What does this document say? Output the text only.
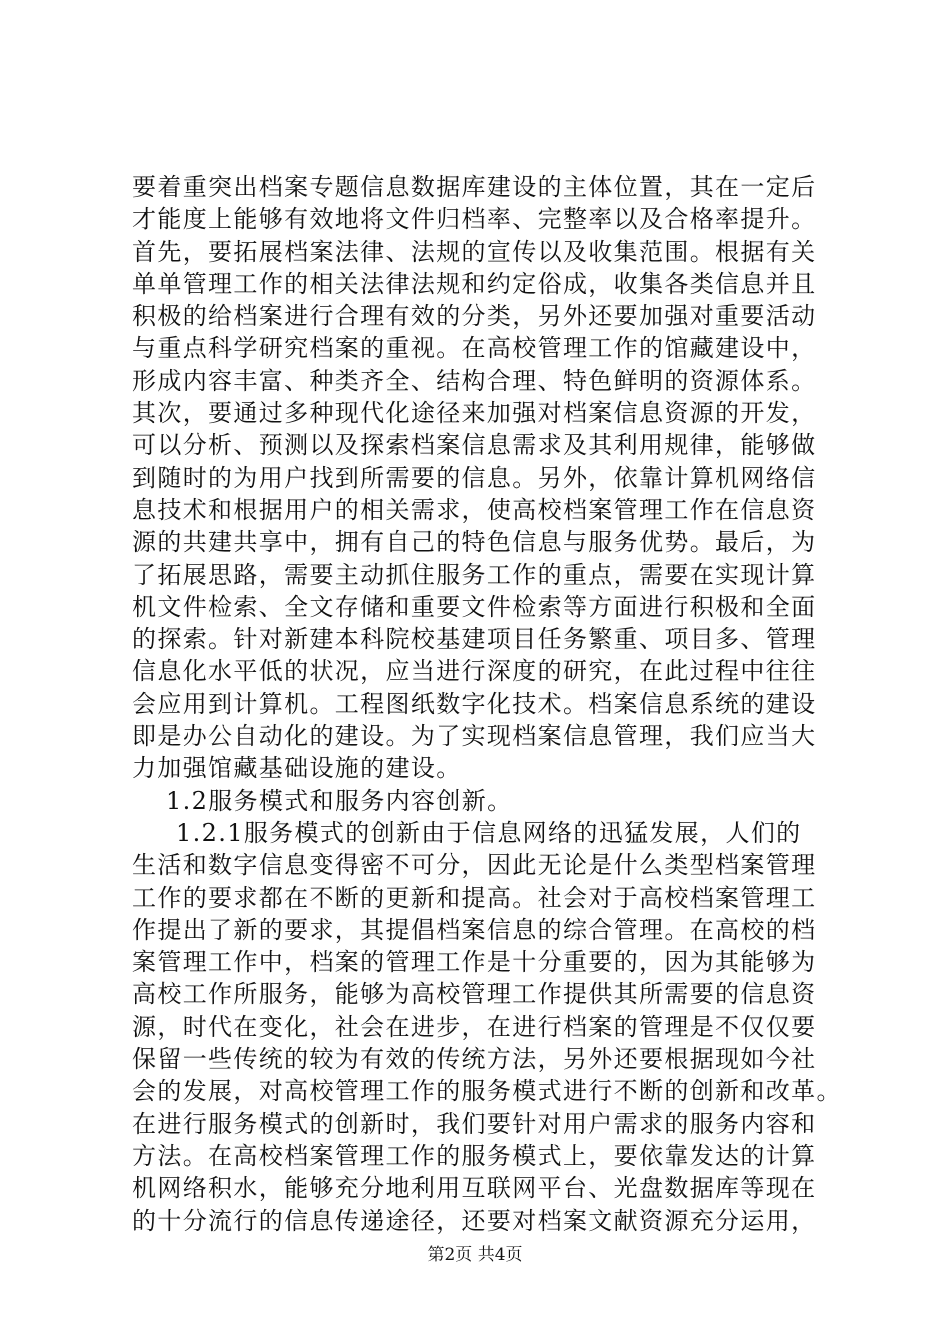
要着重突出档案专题信息数据库建设的主体位置，其在一定后
才能度上能够有效地将文件归档率、完整率以及合格率提升。
首先，要拓展档案法律、法规的宣传以及收集范围。根据有关
单单管理工作的相关法律法规和约定俗成，收集各类信息并且
积极的给档案进行合理有效的分类，另外还要加强对重要活动
与重点科学研究档案的重视。在高校管理工作的馆藏建设中，
形成内容丰富、种类齐全、结构合理、特色鲜明的资源体系。
其次，要通过多种现代化途径来加强对档案信息资源的开发，
可以分析、预测以及探索档案信息需求及其利用规律，能够做
到随时的为用户找到所需要的信息。另外，依靠计算机网络信
息技术和根据用户的相关需求，使高校档案管理工作在信息资
源的共建共享中，拥有自己的特色信息与服务优势。最后，为
了拓展思路，需要主动抓住服务工作的重点，需要在实现计算
机文件检索、全文存储和重要文件检索等方面进行积极和全面
的探索。针对新建本科院校基建项目任务繁重、项目多、管理
信息化水平低的状况，应当进行深度的研究，在此过程中往往
会应用到计算机。工程图纸数字化技术。档案信息系统的建设
即是办公自动化的建设。为了实现档案信息管理，我们应当大
力加强馆藏基础设施的建设。
1.2服务模式和服务内容创新。
1.2.1服务模式的创新由于信息网络的迅猛发展，人们的
生活和数字信息变得密不可分，因此无论是什么类型档案管理
工作的要求都在不断的更新和提高。社会对于高校档案管理工
作提出了新的要求，其提倡档案信息的综合管理。在高校的档
案管理工作中，档案的管理工作是十分重要的，因为其能够为
高校工作所服务，能够为高校管理工作提供其所需要的信息资
源，时代在变化，社会在进步，在进行档案的管理是不仅仅要
保留一些传统的较为有效的传统方法，另外还要根据现如今社
会的发展，对高校管理工作的服务模式进行不断的创新和改革。
在进行服务模式的创新时，我们要针对用户需求的服务内容和
方法。在高校档案管理工作的服务模式上，要依靠发达的计算
机网络积水，能够充分地利用互联网平台、光盘数据库等现在
的十分流行的信息传递途径，还要对档案文献资源充分运用，
第2页 共4页
